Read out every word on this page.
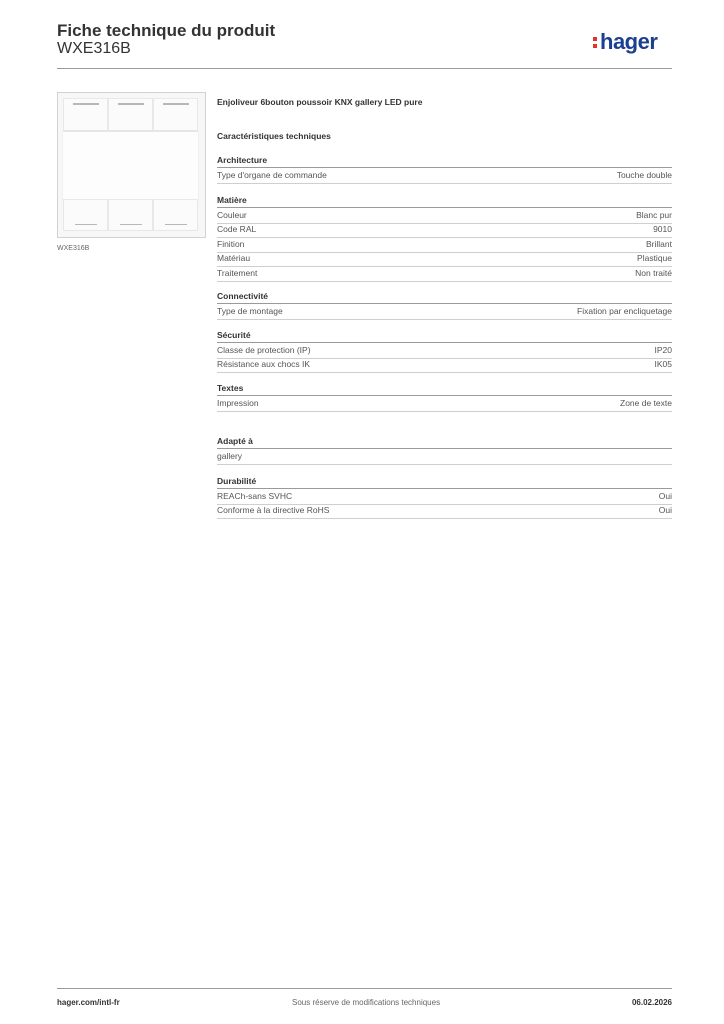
Fiche technique du produit
WXE316B	hager
WXE316B
Enjoliveur 6bouton poussoir KNX gallery LED pure
Caractéristiques techniques
Architecture
Type d'organe de commande	Touche double
Matière
Couleur	Blanc pur
Code RAL	9010
Finition	Brillant
Matériau	Plastique
Traitement	Non traité
Connectivité
Type de montage	Fixation par encliquetage
Sécurité
Classe de protection (IP)	IP20
Résistance aux chocs IK	IK05
Textes
Impression	Zone de texte
Adapté à
gallery
Durabilité
REACh-sans SVHC	Oui
Conforme à la directive RoHS	Oui
hager.com/intl-fr	Sous réserve de modifications techniques	06.02.2026
